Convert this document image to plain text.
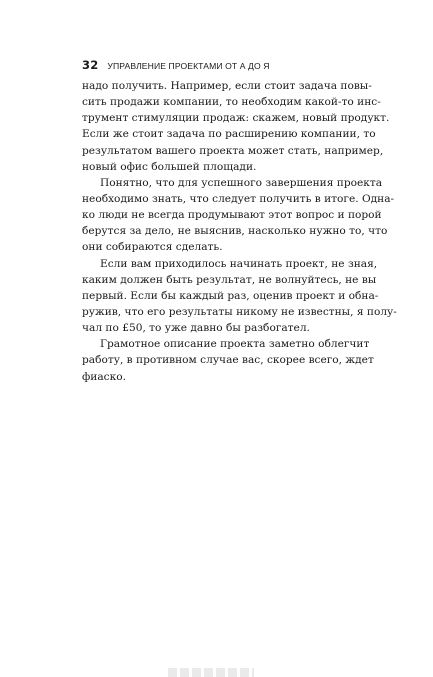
32 УПРАВЛЕНИЕ ПРОЕКТАМИ ОТ А ДО Я
надо получить. Например, если стоит задача повы-
сить продажи компании, то необходим какой-то инс-
трумент стимуляции продаж: скажем, новый продукт.
Если же стоит задача по расширению компании, то
результатом вашего проекта может стать, например,
новый офис большей площади.
Понятно, что для успешного завершения проекта
необходимо знать, что следует получить в итоге. Одна-
ко люди не всегда продумывают этот вопрос и порой
берутся за дело, не выяснив, насколько нужно то, что
они собираются сделать.
Если вам приходилось начинать проект, не зная,
каким должен быть результат, не волнуйтесь, не вы
первый. Если бы каждый раз, оценив проект и обна-
ружив, что его результаты никому не известны, я полу-
чал по £50, то уже давно бы разбогател.
Грамотное описание проекта заметно облегчит
работу, в противном случае вас, скорее всего, ждет
фиаско.
